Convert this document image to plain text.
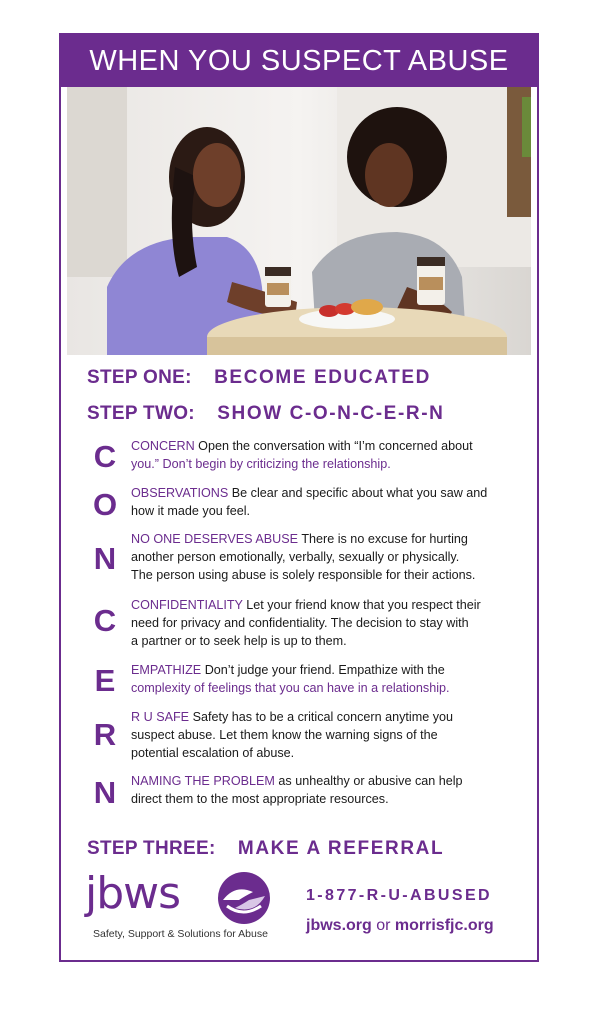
WHEN YOU SUSPECT ABUSE
STEP ONE: BECOME EDUCATED
STEP TWO: SHOW C-O-N-C-E-R-N
C CONCERN Open the conversation with “I’m concerned about
you.” Don’t begin by criticizing the relationship.
O OBSERVATIONS Be clear and specific about what you saw and
how it made you feel.
N
NO ONE DESERVES ABUSE There is no excuse for hurting
another person emotionally, verbally, sexually or physically.
The person using abuse is solely responsible for their actions.
C CONFIDENTIALITY Let your friend know that you respect their
need for privacy and confidentiality. The decision to stay with
a partner or to seek help is up to them.
E EMPATHIZE Don’t judge your friend. Empathize with the
complexity of feelings that you can have in a relationship.
R R U SAFE Safety has to be a critical concern anytime you
suspect abuse. Let them know the warning signs of the
potential escalation of abuse.
N NAMING THE PROBLEM as unhealthy or abusive can help
direct them to the most appropriate resources.
STEP THREE: MAKE A REFERRAL
jbws
Safety, Support & Solutions for Abuse
1-877-R-U-ABUSED
jbws.org or morrisfjc.org
